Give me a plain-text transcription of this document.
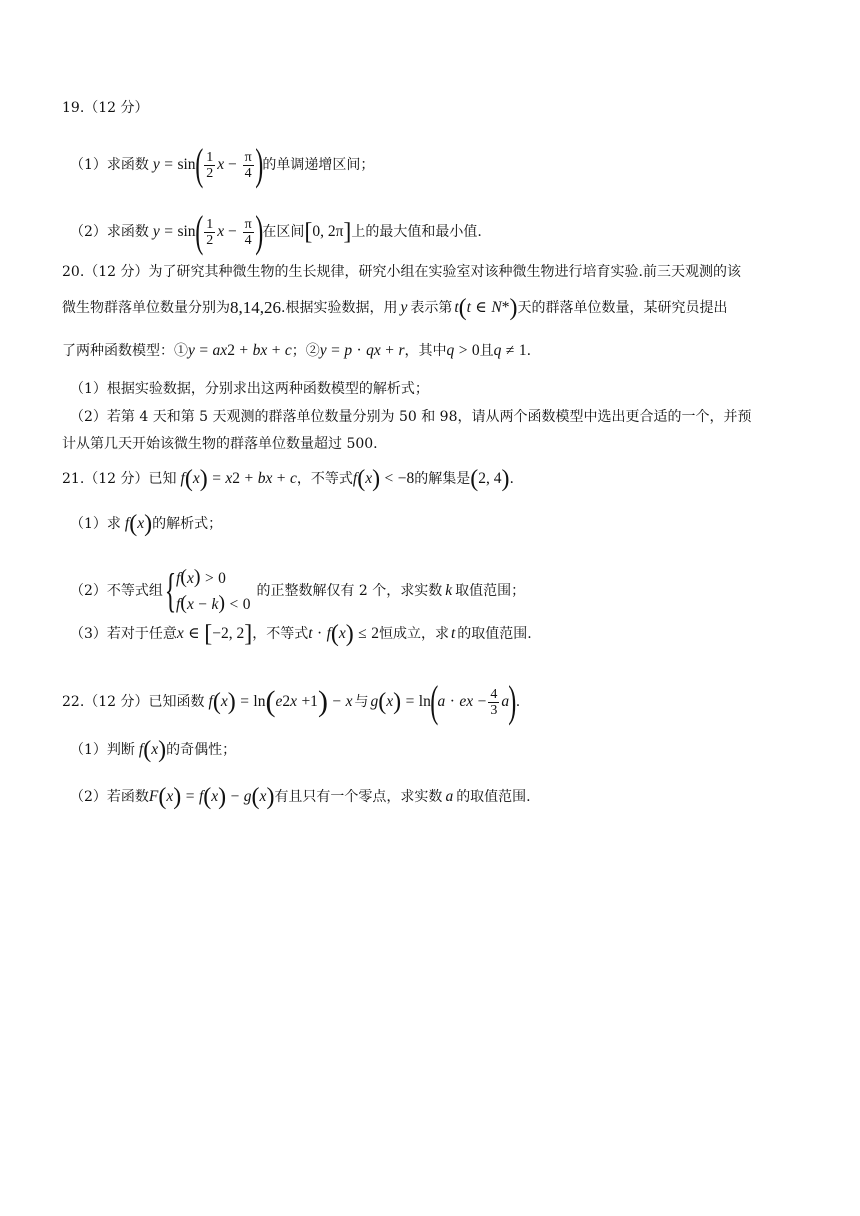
19.（12 分）
（1）求函数 y
=
sin ( $\frac{1}{2}$ $x - \frac{\pi}{4}$ ) 的单调递增区间；
（2）求函数 y
=
sin ( $\frac{1}{2}$ $x - \frac{\pi}{4}$ ) 在区间 [ 0, 2π ] 上的最大值和最小值.
20.（12 分）为了研究其种微生物的生长规律，研究小组在实验室对该种微生物进行培育实验.前三天观测的该
微生物群落单位数量分别为 8,14,26 .根据实验数据，用 y 表示第 t ( t
∈
N * ) 天的群落单位数量，某研究员提出
了两种函数模型：① y
=
ax 2
+
bx
+
c ；② y
=
p
·
q x
+
r ，其中 q
>
0 且 q
≠
1 .
（1）根据实验数据，分别求出这两种函数模型的解析式；
（2）若第 4 天和第 5 天观测的群落单位数量分别为 50 和 98，请从两个函数模型中选出更合适的一个，并预
计从第几天开始该微生物的群落单位数量超过 500.
21.（12 分）已知 f ( x )
=
x 2
+
bx
+
c ，不等式 f ( x )
<
−8 的解集是 ( 2, 4 ) .
（1）求 f ( x ) 的解析式；
（2）不等式组 { f(x) > 0
f(x − k) < 0
的正整数解仅有 2 个，求实数 k 取值范围；
（3）若对于任意 x
∈
[ −2, 2 ] ，不等式 t
·
f ( x )
≤
2 恒成立，求 t 的取值范围.
22.（12 分）已知函数 f ( x )
=
ln ( e 2x
+1 )
−
x 与 g ( x )
=
ln ( a
·
e x
− $\frac{4}{3}$ a ) .
（1）判断 f ( x ) 的奇偶性；
（2）若函数 F ( x )
=
f ( x )
−
g ( x ) 有且只有一个零点，求实数 a 的取值范围.
